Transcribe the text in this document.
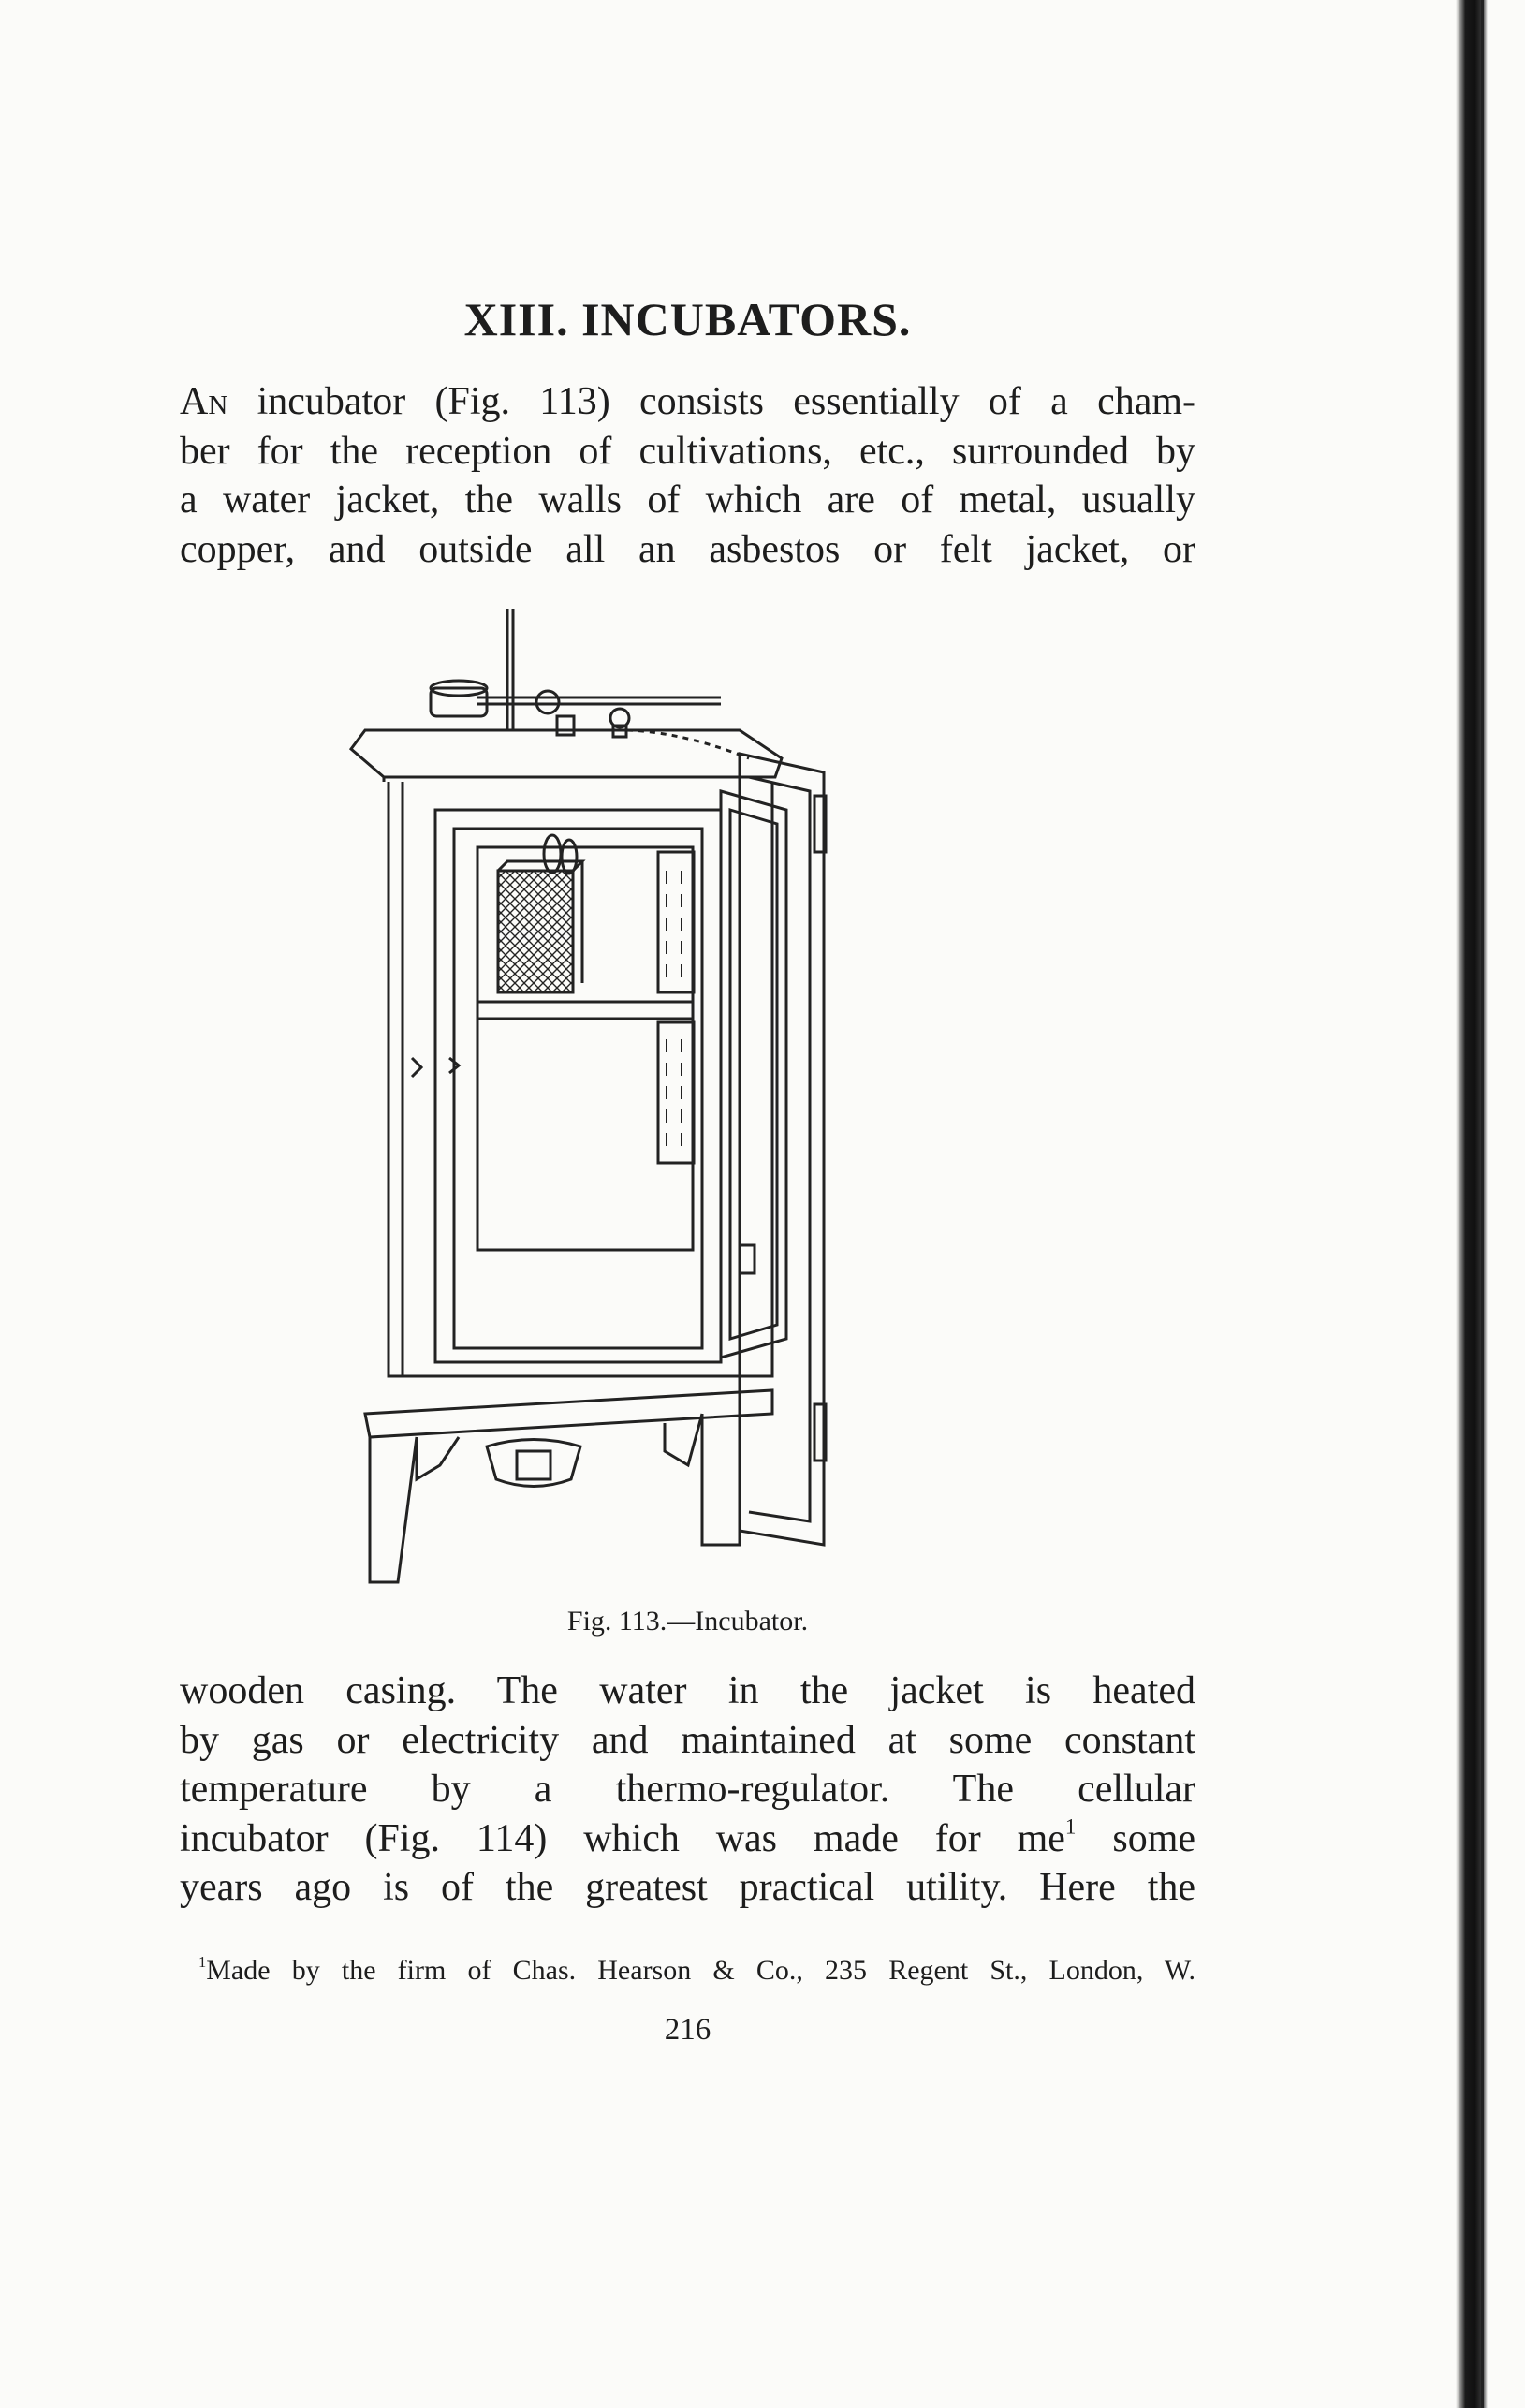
XIII. INCUBATORS.
An incubator (Fig. 113) consists essentially of a cham-
ber for the reception of cultivations, etc., surrounded by
a water jacket, the walls of which are of metal, usually
copper, and outside all an asbestos or felt jacket, or
Fig. 113.—Incubator.
wooden casing. The water in the jacket is heated
by gas or electricity and maintained at some constant
temperature by a thermo-regulator. The cellular
incubator (Fig. 114) which was made for $me^1$ some
years ago is of the greatest practical utility. Here the
$^1$Made by the firm of Chas. Hearson & Co., 235 Regent St., London, W.
216
